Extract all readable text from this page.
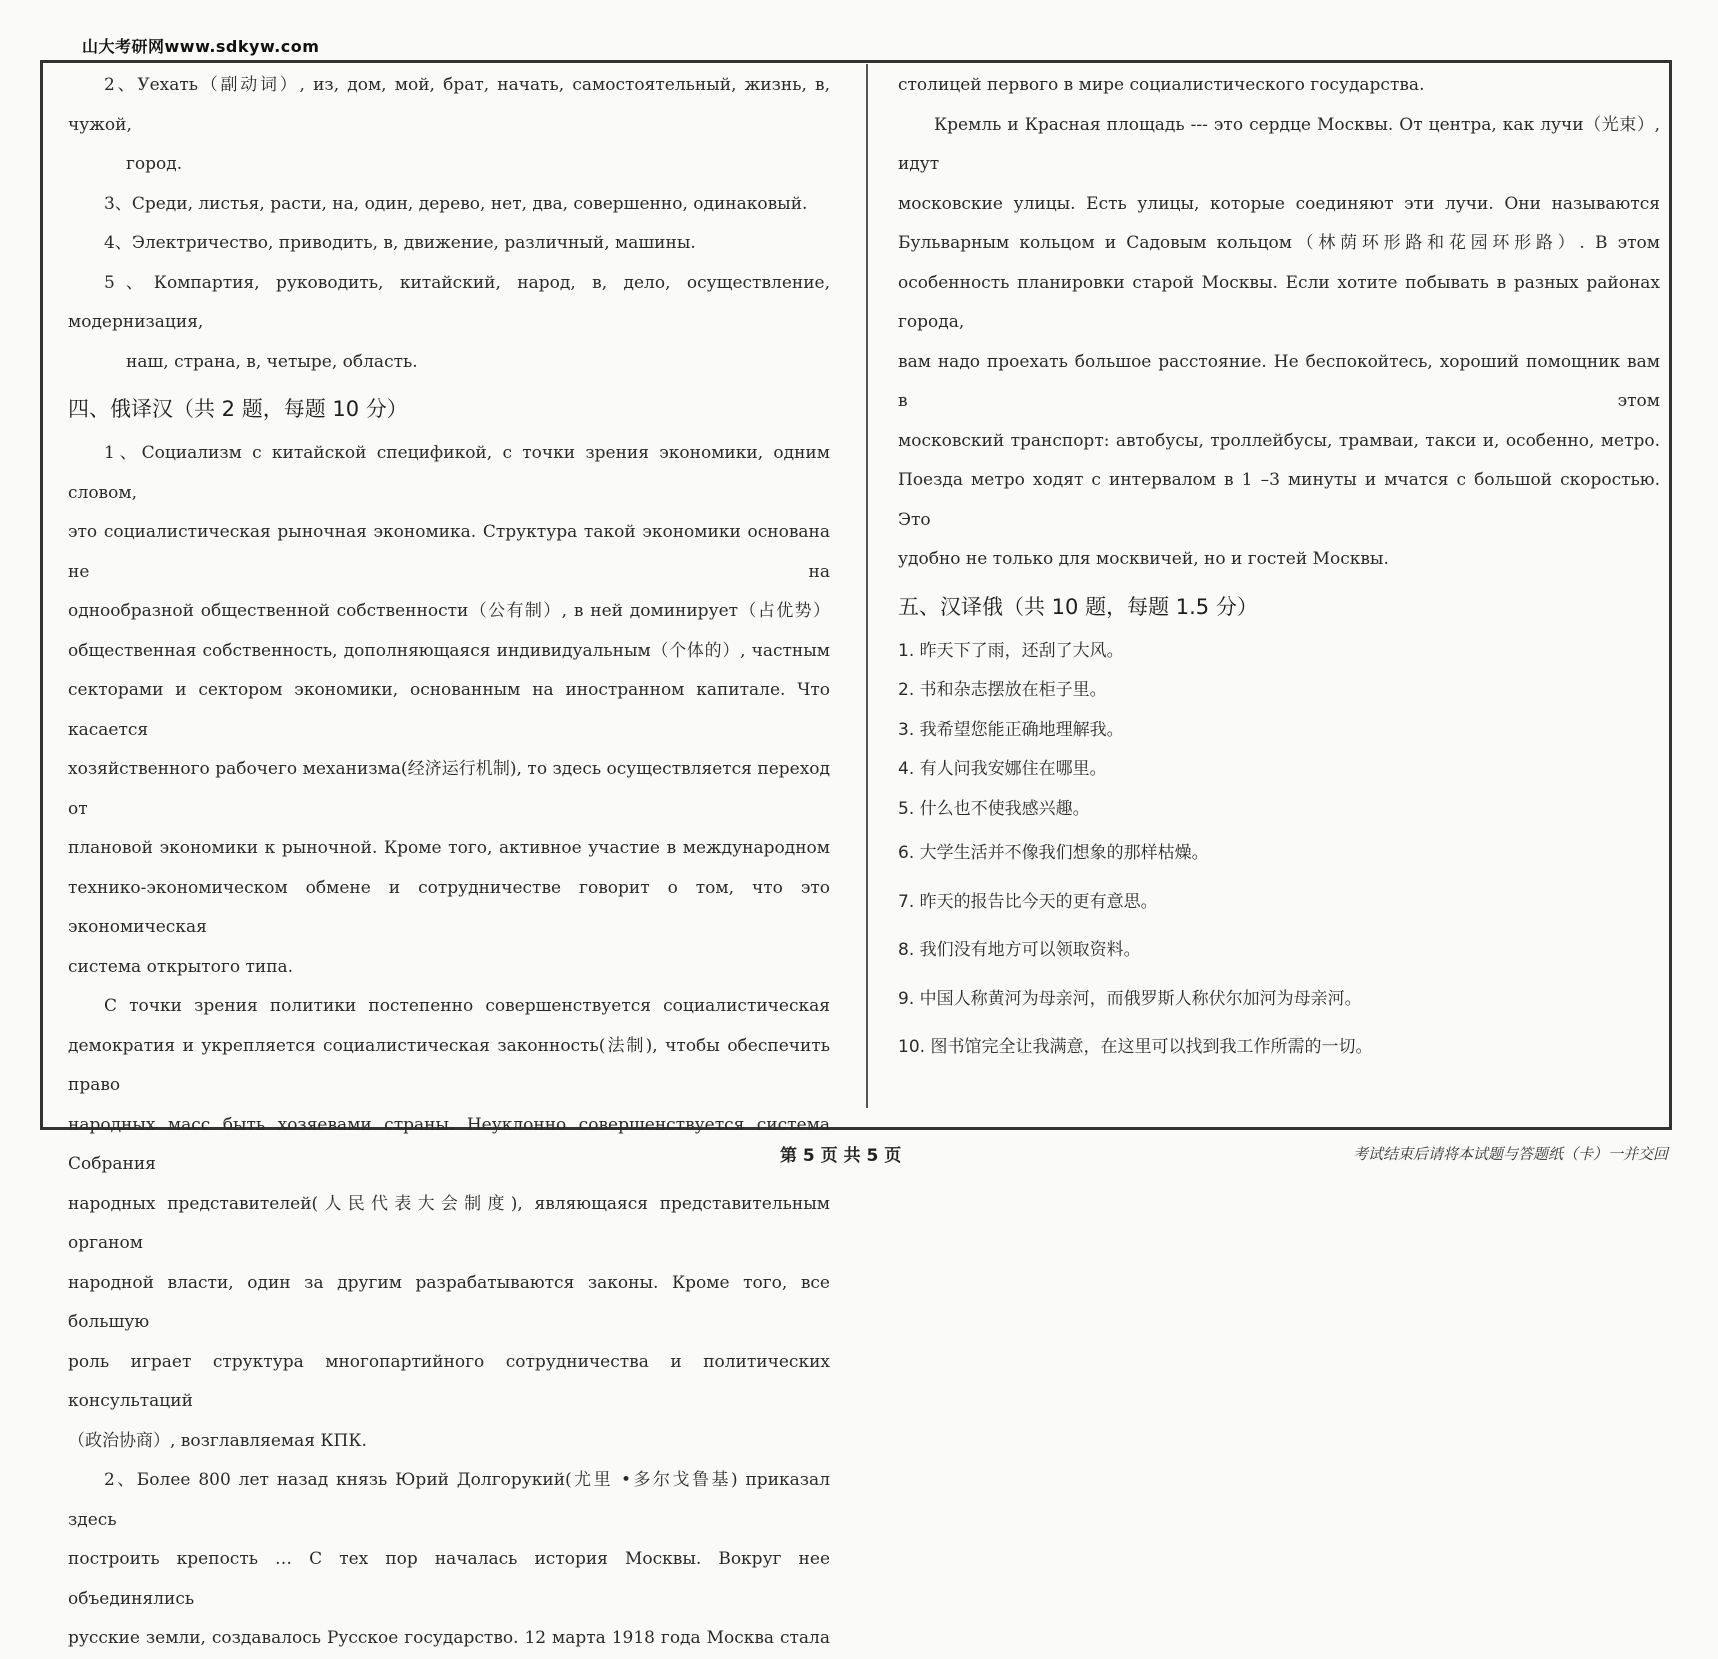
山大考研网www.sdkyw.com
2、Уехать（副动词）, из, дом, мой, брат, начать, самостоятельный, жизнь, в, чужой,
город.
3、Среди, листья, расти, на, один, дерево, нет, два, совершенно, одинаковый.
4、Электричество, приводить, в, движение, различный, машины.
5、Компартия, руководить, китайский, народ, в, дело, осуществление, модернизация,
наш, страна, в, четыре, область.
四、俄译汉（共 2 题，每题 10 分）
1、Социализм с китайской спецификой, с точки зрения экономики, одним словом,
это социалистическая рыночная экономика. Структура такой экономики основана не на
однообразной общественной собственности（公有制）, в ней доминирует（占优势）
общественная собственность, дополняющаяся индивидуальным（个体的）, частным
секторами и сектором экономики, основанным на иностранном капитале. Что касается
хозяйственного рабочего механизма(经济运行机制), то здесь осуществляется переход от
плановой экономики к рыночной. Кроме того, активное участие в международном
технико-экономическом обмене и сотрудничестве говорит о том, что это экономическая
система открытого типа.
С точки зрения политики постепенно совершенствуется социалистическая
демократия и укрепляется социалистическая законность(法制), чтобы обеспечить право
народных масс быть хозяевами страны. Неуклонно совершенствуется система Собрания
народных представителей(人民代表大会制度), являющаяся представительным органом
народной власти, один за другим разрабатываются законы. Кроме того, все большую
роль играет структура многопартийного сотрудничества и политических консультаций
（政治协商）, возглавляемая КПК.
2、Более 800 лет назад князь Юрий Долгорукий(尤里 •多尔戈鲁基) приказал здесь
построить крепость … С тех пор началась история Москвы. Вокруг нее объединялись
русские земли, создавалось Русское государство. 12 марта 1918 года Москва стала
столицей первого в мире социалистического государства.
Кремль и Красная площадь --- это сердце Москвы. От центра, как лучи（光束）, идут
московские улицы. Есть улицы, которые соединяют эти лучи. Они называются
Бульварным кольцом и Садовым кольцом（林荫环形路和花园环形路）. В этом
особенность планировки старой Москвы. Если хотите побывать в разных районах города,
вам надо проехать большое расстояние. Не беспокойтесь, хороший помощник вам в этом
московский транспорт: автобусы, троллейбусы, трамваи, такси и, особенно, метро.
Поезда метро ходят с интервалом в 1 –3 минуты и мчатся с большой скоростью. Это
удобно не только для москвичей, но и гостей Москвы.
五、汉译俄（共 10 题，每题 1.5 分）
1. 昨天下了雨，还刮了大风。
2. 书和杂志摆放在柜子里。
3. 我希望您能正确地理解我。
4. 有人问我安娜住在哪里。
5. 什么也不使我感兴趣。
6. 大学生活并不像我们想象的那样枯燥。
7. 昨天的报告比今天的更有意思。
8. 我们没有地方可以领取资料。
9. 中国人称黄河为母亲河，而俄罗斯人称伏尔加河为母亲河。
10. 图书馆完全让我满意，在这里可以找到我工作所需的一切。
第 5 页 共 5 页	考试结束后请将本试题与答题纸（卡）一并交回
